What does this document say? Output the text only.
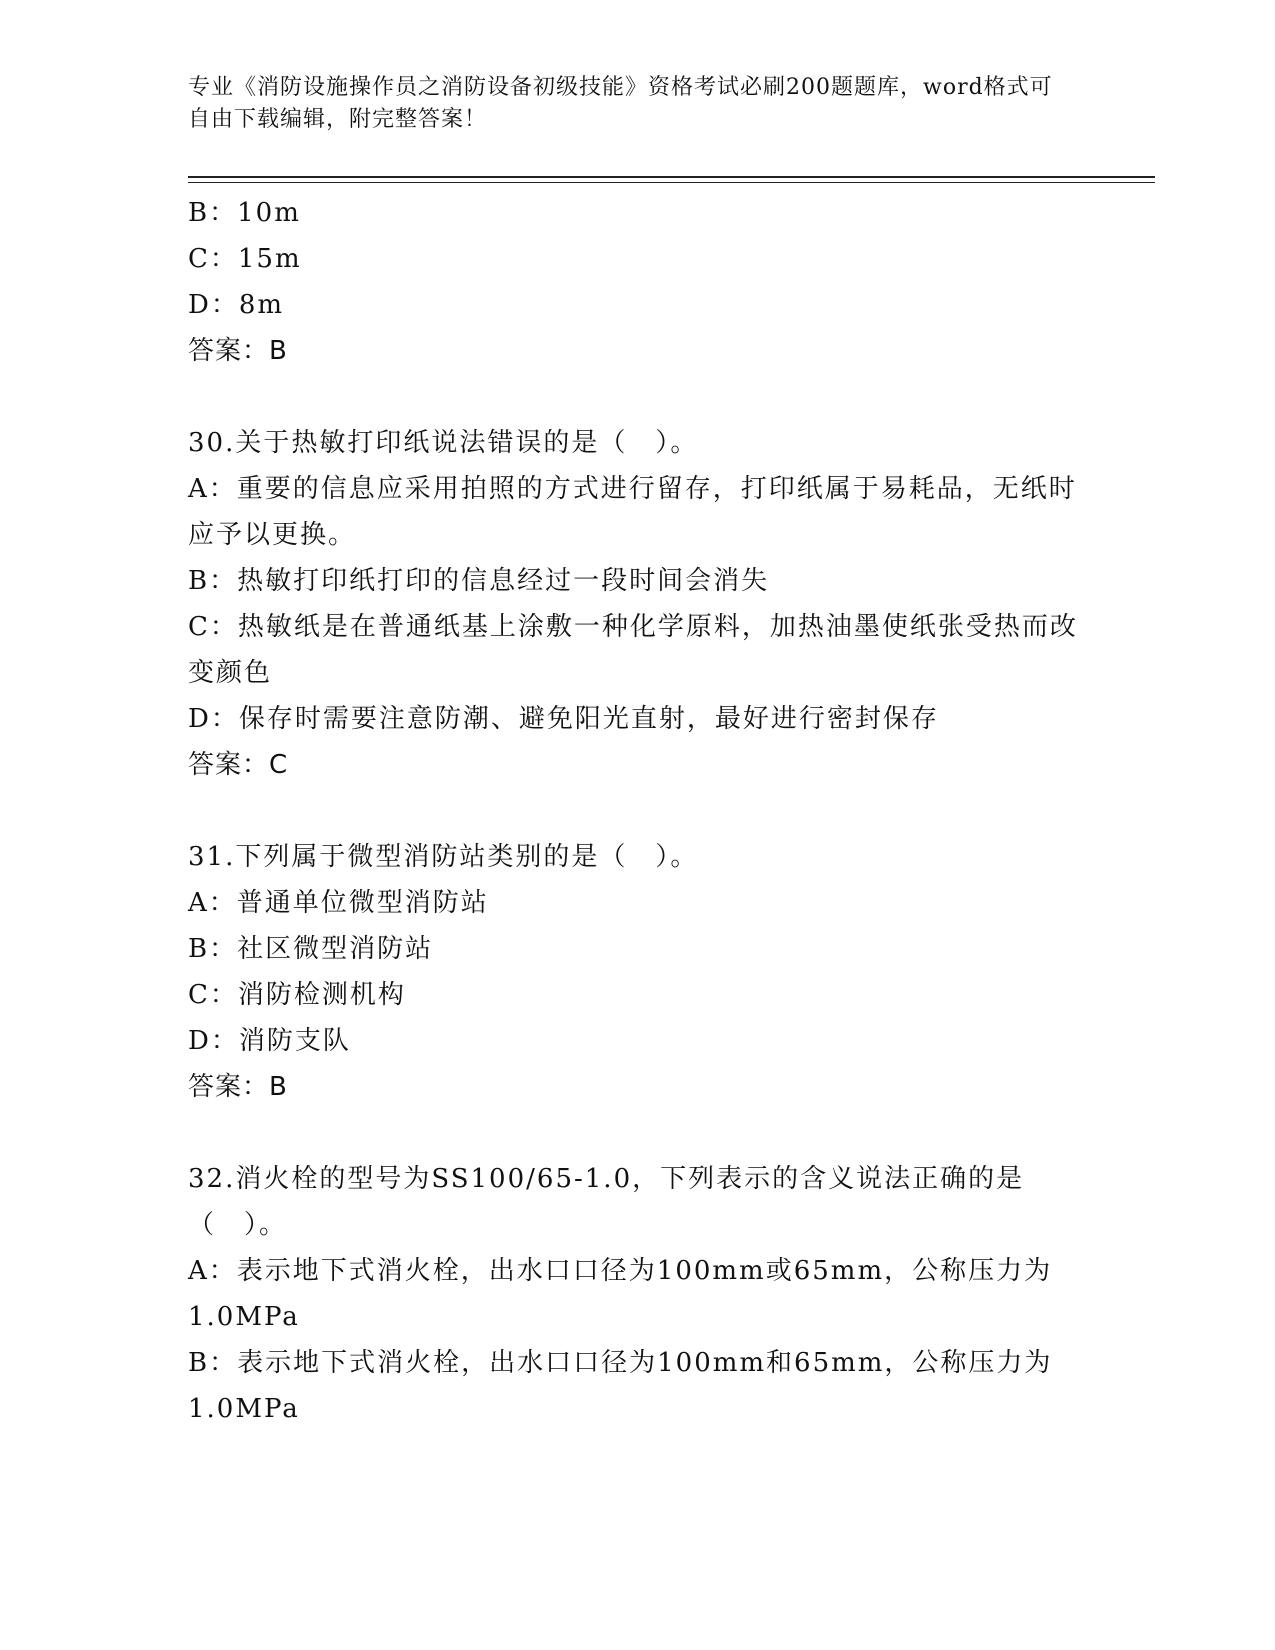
专业《消防设施操作员之消防设备初级技能》资格考试必刷200题题库，word格式可自由下载编辑，附完整答案！
B：10m
C：15m
D：8m
答案：B
30.关于热敏打印纸说法错误的是（　）。
A：重要的信息应采用拍照的方式进行留存，打印纸属于易耗品，无纸时应予以更换。
B：热敏打印纸打印的信息经过一段时间会消失
C：热敏纸是在普通纸基上涂敷一种化学原料，加热油墨使纸张受热而改变颜色
D：保存时需要注意防潮、避免阳光直射，最好进行密封保存
答案：C
31.下列属于微型消防站类别的是（　）。
A：普通单位微型消防站
B：社区微型消防站
C：消防检测机构
D：消防支队
答案：B
32.消火栓的型号为SS100/65-1.0，下列表示的含义说法正确的是（　）。
A：表示地下式消火栓，出水口口径为100mm或65mm，公称压力为1.0MPa
B：表示地下式消火栓，出水口口径为100mm和65mm，公称压力为1.0MPa
